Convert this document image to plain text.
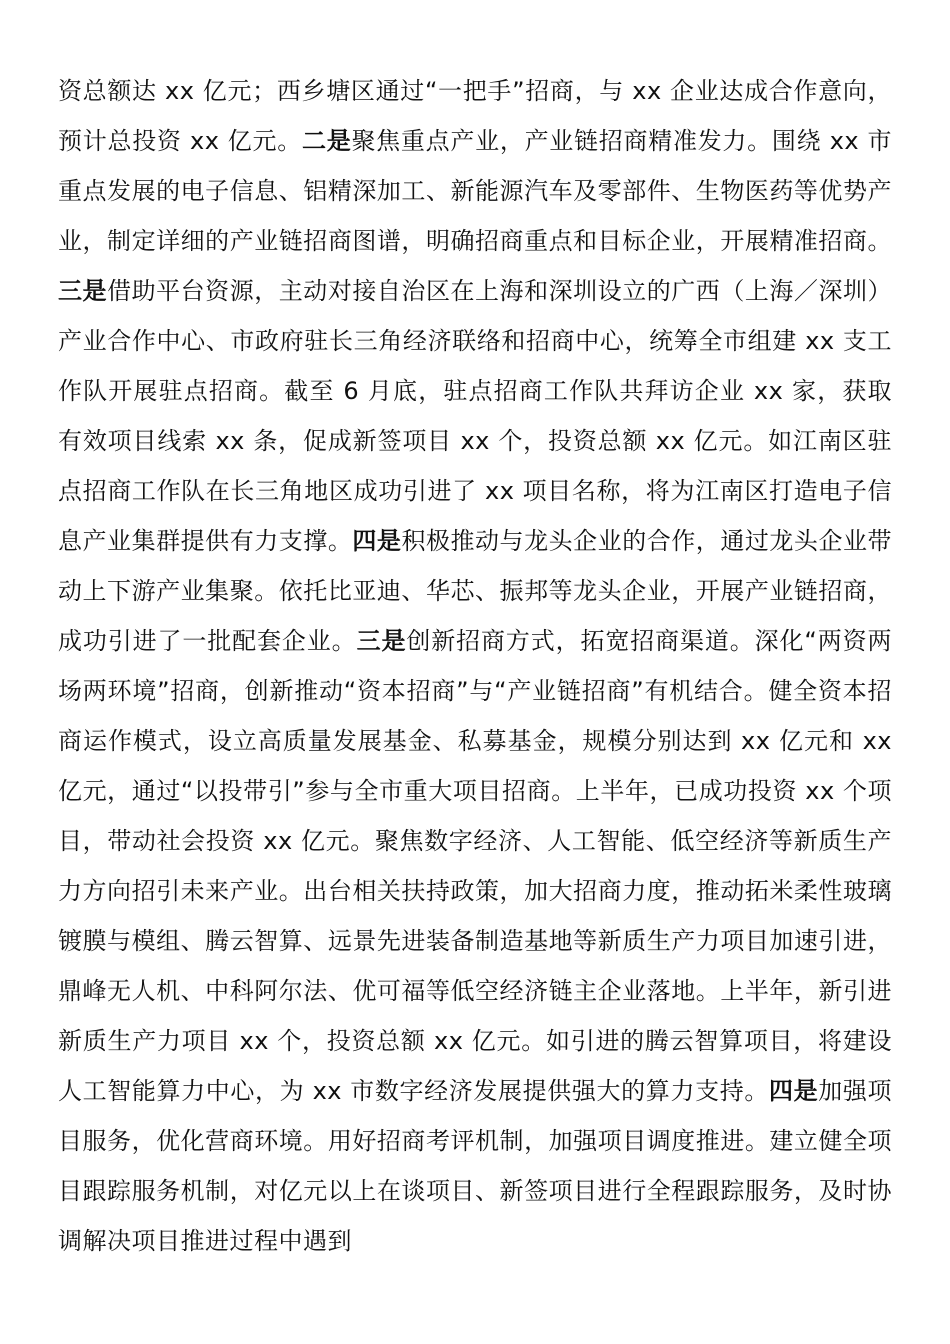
资总额达 xx 亿元；西乡塘区通过“一把手”招商，与 xx 企业达成合作意向，预计总投资 xx 亿元。二是聚焦重点产业，产业链招商精准发力。围绕 xx 市重点发展的电子信息、铝精深加工、新能源汽车及零部件、生物医药等优势产业，制定详细的产业链招商图谱，明确招商重点和目标企业，开展精准招商。三是借助平台资源，主动对接自治区在上海和深圳设立的广西（上海／深圳）产业合作中心、市政府驻长三角经济联络和招商中心，统筹全市组建 xx 支工作队开展驻点招商。截至 6 月底，驻点招商工作队共拜访企业 xx 家，获取有效项目线索 xx 条，促成新签项目 xx 个，投资总额 xx 亿元。如江南区驻点招商工作队在长三角地区成功引进了 xx 项目名称，将为江南区打造电子信息产业集群提供有力支撑。四是积极推动与龙头企业的合作，通过龙头企业带动上下游产业集聚。依托比亚迪、华芯、振邦等龙头企业，开展产业链招商，成功引进了一批配套企业。三是创新招商方式，拓宽招商渠道。深化“两资两场两环境”招商，创新推动“资本招商”与“产业链招商”有机结合。健全资本招商运作模式，设立高质量发展基金、私募基金，规模分别达到 xx 亿元和 xx 亿元，通过“以投带引”参与全市重大项目招商。上半年，已成功投资 xx 个项目，带动社会投资 xx 亿元。聚焦数字经济、人工智能、低空经济等新质生产力方向招引未来产业。出台相关扶持政策，加大招商力度，推动拓米柔性玻璃镀膜与模组、腾云智算、远景先进装备制造基地等新质生产力项目加速引进，鼎峰无人机、中科阿尔法、优可福等低空经济链主企业落地。上半年，新引进新质生产力项目 xx 个，投资总额 xx 亿元。如引进的腾云智算项目，将建设人工智能算力中心，为 xx 市数字经济发展提供强大的算力支持。四是加强项目服务，优化营商环境。用好招商考评机制，加强项目调度推进。建立健全项目跟踪服务机制，对亿元以上在谈项目、新签项目进行全程跟踪服务，及时协调解决项目推进过程中遇到
